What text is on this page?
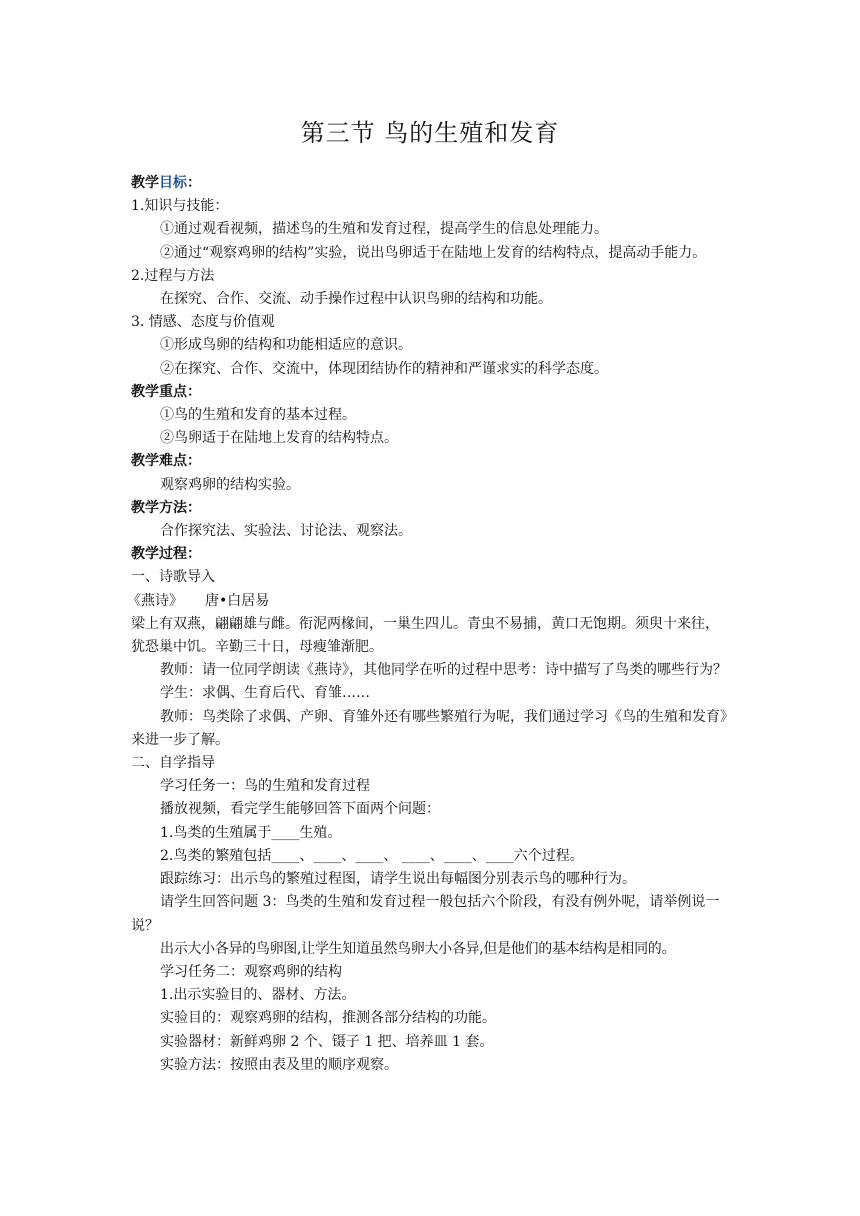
第三节 鸟的生殖和发育
教学目标：
1.知识与技能：
①通过观看视频，描述鸟的生殖和发育过程，提高学生的信息处理能力。
②通过“观察鸡卵的结构”实验，说出鸟卵适于在陆地上发育的结构特点，提高动手能力。
2.过程与方法
在探究、合作、交流、动手操作过程中认识鸟卵的结构和功能。
3. 情感、态度与价值观
①形成鸟卵的结构和功能相适应的意识。
②在探究、合作、交流中，体现团结协作的精神和严谨求实的科学态度。
教学重点：
①鸟的生殖和发育的基本过程。
②鸟卵适于在陆地上发育的结构特点。
教学难点：
观察鸡卵的结构实验。
教学方法：
合作探究法、实验法、讨论法、观察法。
教学过程：
一、诗歌导入
《燕诗》 唐•白居易
梁上有双燕，翩翩雄与雌。衔泥两椽间，一巢生四儿。青虫不易捕，黄口无饱期。须臾十来往，犹恐巢中饥。辛勤三十日，母瘦雏渐肥。
教师：请一位同学朗读《燕诗》，其他同学在听的过程中思考：诗中描写了鸟类的哪些行为？
学生：求偶、生育后代、育雏……
教师：鸟类除了求偶、产卵、育雏外还有哪些繁殖行为呢，我们通过学习《鸟的生殖和发育》来进一步了解。
二、自学指导
学习任务一：鸟的生殖和发育过程
播放视频，看完学生能够回答下面两个问题：
1.鸟类的生殖属于____生殖。
2.鸟类的繁殖包括____、____、____、 ____、____、____六个过程。
跟踪练习：出示鸟的繁殖过程图，请学生说出每幅图分别表示鸟的哪种行为。
请学生回答问题 3：鸟类的生殖和发育过程一般包括六个阶段，有没有例外呢，请举例说一说？
出示大小各异的鸟卵图,让学生知道虽然鸟卵大小各异,但是他们的基本结构是相同的。
学习任务二：观察鸡卵的结构
1.出示实验目的、器材、方法。
实验目的：观察鸡卵的结构，推测各部分结构的功能。
实验器材：新鲜鸡卵 2 个、镊子 1 把、培养皿 1 套。
实验方法：按照由表及里的顺序观察。
